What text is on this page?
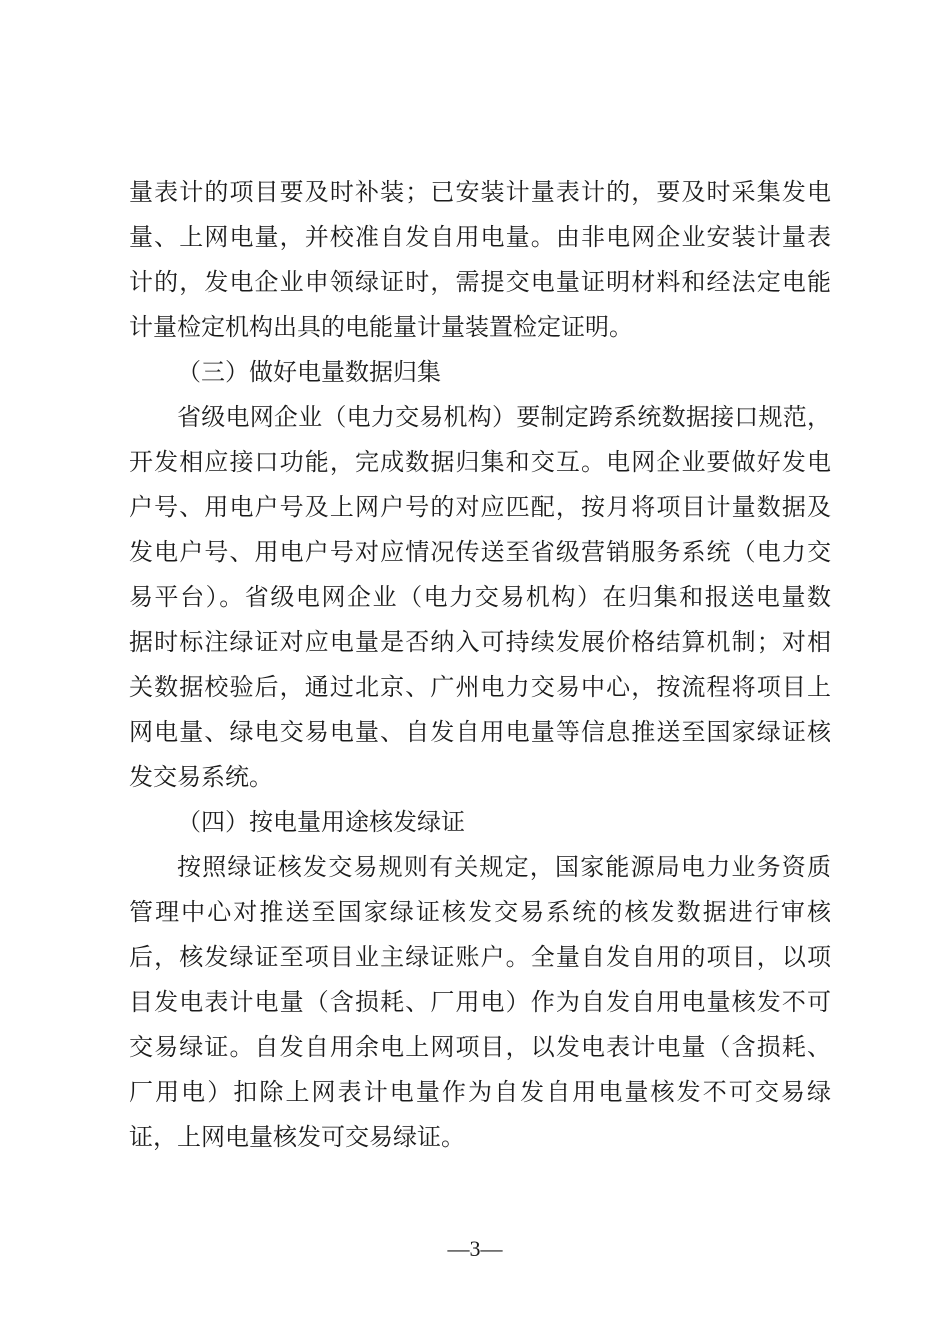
量表计的项目要及时补装；已安装计量表计的，要及时采集发电
量、上网电量，并校准自发自用电量。由非电网企业安装计量表
计的，发电企业申领绿证时，需提交电量证明材料和经法定电能
计量检定机构出具的电能量计量装置检定证明。
（三）做好电量数据归集
省级电网企业（电力交易机构）要制定跨系统数据接口规范，
开发相应接口功能，完成数据归集和交互。电网企业要做好发电
户号、用电户号及上网户号的对应匹配，按月将项目计量数据及
发电户号、用电户号对应情况传送至省级营销服务系统（电力交
易平台）。省级电网企业（电力交易机构）在归集和报送电量数
据时标注绿证对应电量是否纳入可持续发展价格结算机制；对相
关数据校验后，通过北京、广州电力交易中心，按流程将项目上
网电量、绿电交易电量、自发自用电量等信息推送至国家绿证核
发交易系统。
（四）按电量用途核发绿证
按照绿证核发交易规则有关规定，国家能源局电力业务资质
管理中心对推送至国家绿证核发交易系统的核发数据进行审核
后，核发绿证至项目业主绿证账户。全量自发自用的项目，以项
目发电表计电量（含损耗、厂用电）作为自发自用电量核发不可
交易绿证。自发自用余电上网项目，以发电表计电量（含损耗、
厂用电）扣除上网表计电量作为自发自用电量核发不可交易绿
证，上网电量核发可交易绿证。
—3—
